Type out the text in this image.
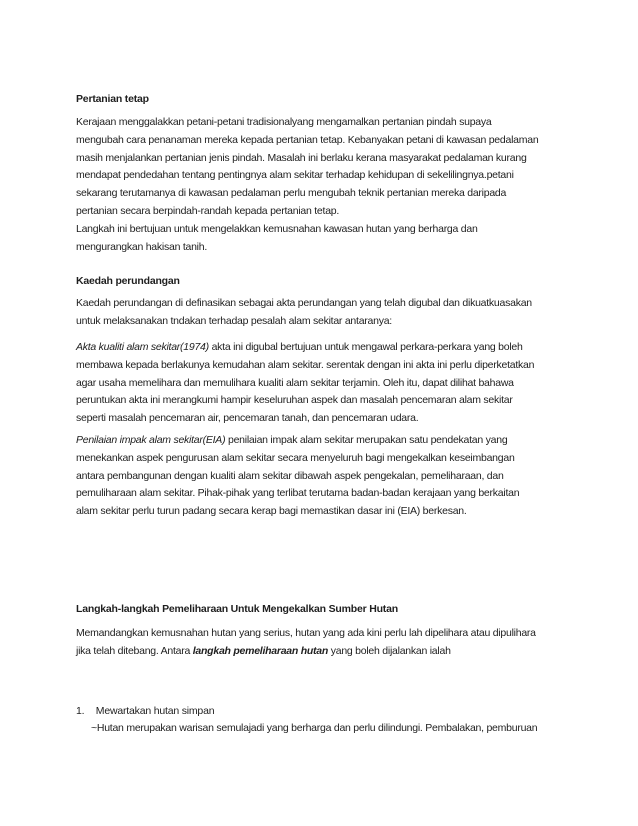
Pertanian tetap

Kerajaan menggalakkan petani-petani tradisionalyang mengamalkan pertanian pindah supaya
mengubah cara penanaman mereka kepada pertanian tetap. Kebanyakan petani di kawasan pedalaman
masih menjalankan pertanian jenis pindah. Masalah ini berlaku kerana masyarakat pedalaman kurang
mendapat pendedahan tentang pentingnya alam sekitar terhadap kehidupan di sekelilingnya.petani
sekarang terutamanya di kawasan pedalaman perlu mengubah teknik pertanian mereka daripada
pertanian secara berpindah-randah kepada pertanian tetap.
Langkah ini bertujuan untuk mengelakkan kemusnahan kawasan hutan yang berharga dan
mengurangkan hakisan tanih.

Kaedah perundangan

Kaedah perundangan di definasikan sebagai akta perundangan yang telah digubal dan dikuatkuasakan
untuk melaksanakan tndakan terhadap pesalah alam sekitar antaranya:

Akta kualiti alam sekitar(1974) akta ini digubal bertujuan untuk mengawal perkara-perkara yang boleh
membawa kepada berlakunya kemudahan alam sekitar. serentak dengan ini akta ini perlu diperketatkan
agar usaha memelihara dan memulihara kualiti alam sekitar terjamin. Oleh itu, dapat dilihat bahawa
peruntukan akta ini merangkumi hampir keseluruhan aspek dan masalah pencemaran alam sekitar
seperti masalah pencemaran air, pencemaran tanah, dan pencemaran udara.

Penilaian impak alam sekitar(EIA) penilaian impak alam sekitar merupakan satu pendekatan yang
menekankan aspek pengurusan alam sekitar secara menyeluruh bagi mengekalkan keseimbangan
antara pembangunan dengan kualiti alam sekitar dibawah aspek pengekalan, pemeliharaan, dan
pemuliharaan alam sekitar. Pihak-pihak yang terlibat terutama badan-badan kerajaan yang berkaitan
alam sekitar perlu turun padang secara kerap bagi memastikan dasar ini (EIA) berkesan.

Langkah-langkah Pemeliharaan Untuk Mengekalkan Sumber Hutan

Memandangkan kemusnahan hutan yang serius, hutan yang ada kini perlu lah dipelihara atau dipulihara
jika telah ditebang. Antara langkah pemeliharaan hutan yang boleh dijalankan ialah

1. Mewartakan hutan simpan
~Hutan merupakan warisan semulajadi yang berharga dan perlu dilindungi. Pembalakan, pemburuan
